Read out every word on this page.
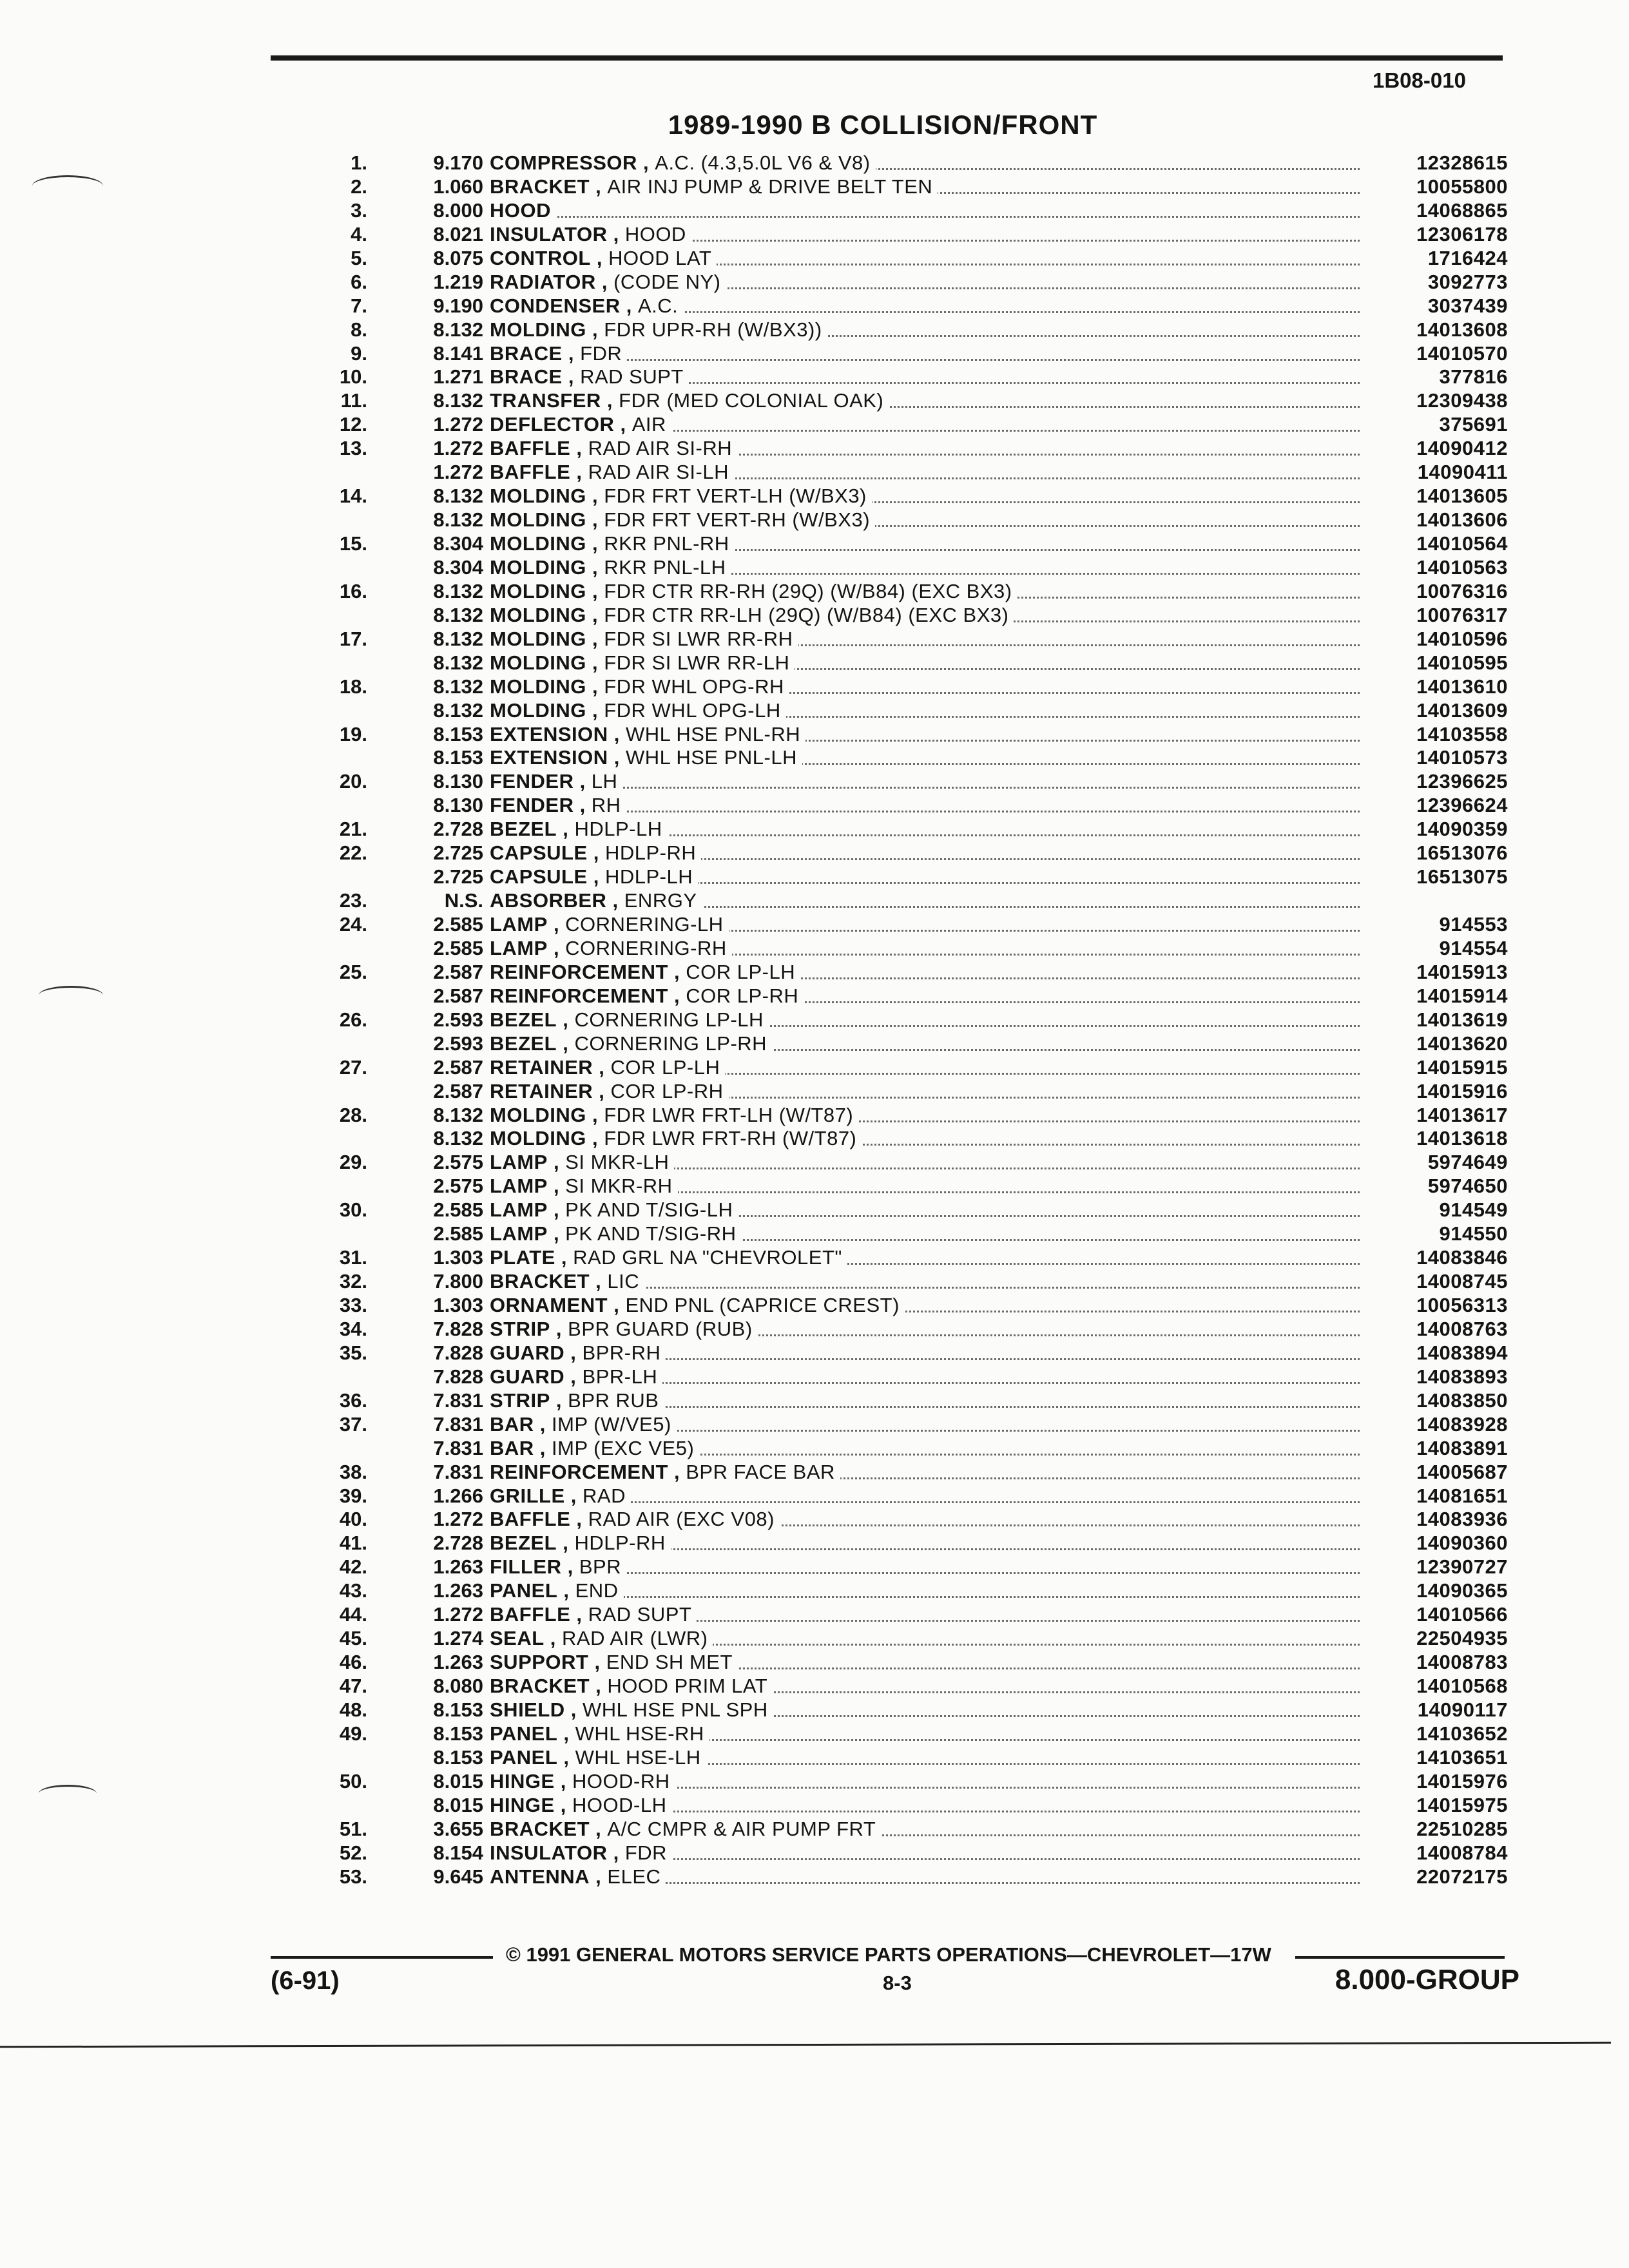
1B08-010
1989-1990 B COLLISION/FRONT
1.	9.170 COMPRESSOR , A.C. (4.3,5.0L V6 & V8)	12328615
2.	1.060 BRACKET , AIR INJ PUMP & DRIVE BELT TEN	10055800
3.	8.000 HOOD	14068865
4.	8.021 INSULATOR , HOOD	12306178
5.	8.075 CONTROL , HOOD LAT	1716424
6.	1.219 RADIATOR , (CODE NY)	3092773
7.	9.190 CONDENSER , A.C.	3037439
8.	8.132 MOLDING , FDR UPR-RH (W/BX3))	14013608
9.	8.141 BRACE , FDR	14010570
10.	1.271 BRACE , RAD SUPT	377816
11.	8.132 TRANSFER , FDR (MED COLONIAL OAK)	12309438
12.	1.272 DEFLECTOR , AIR	375691
13.	1.272 BAFFLE , RAD AIR SI-RH	14090412
1.272 BAFFLE , RAD AIR SI-LH	14090411
14.	8.132 MOLDING , FDR FRT VERT-LH (W/BX3)	14013605
8.132 MOLDING , FDR FRT VERT-RH (W/BX3)	14013606
15.	8.304 MOLDING , RKR PNL-RH	14010564
8.304 MOLDING , RKR PNL-LH	14010563
16.	8.132 MOLDING , FDR CTR RR-RH (29Q) (W/B84) (EXC BX3)	10076316
8.132 MOLDING , FDR CTR RR-LH (29Q) (W/B84) (EXC BX3)	10076317
17.	8.132 MOLDING , FDR SI LWR RR-RH	14010596
8.132 MOLDING , FDR SI LWR RR-LH	14010595
18.	8.132 MOLDING , FDR WHL OPG-RH	14013610
8.132 MOLDING , FDR WHL OPG-LH	14013609
19.	8.153 EXTENSION , WHL HSE PNL-RH	14103558
8.153 EXTENSION , WHL HSE PNL-LH	14010573
20.	8.130 FENDER , LH	12396625
8.130 FENDER , RH	12396624
21.	2.728 BEZEL , HDLP-LH	14090359
22.	2.725 CAPSULE , HDLP-RH	16513076
2.725 CAPSULE , HDLP-LH	16513075
23.	N.S. ABSORBER , ENRGY
24.	2.585 LAMP , CORNERING-LH	914553
2.585 LAMP , CORNERING-RH	914554
25.	2.587 REINFORCEMENT , COR LP-LH	14015913
2.587 REINFORCEMENT , COR LP-RH	14015914
26.	2.593 BEZEL , CORNERING LP-LH	14013619
2.593 BEZEL , CORNERING LP-RH	14013620
27.	2.587 RETAINER , COR LP-LH	14015915
2.587 RETAINER , COR LP-RH	14015916
28.	8.132 MOLDING , FDR LWR FRT-LH (W/T87)	14013617
8.132 MOLDING , FDR LWR FRT-RH (W/T87)	14013618
29.	2.575 LAMP , SI MKR-LH	5974649
2.575 LAMP , SI MKR-RH	5974650
30.	2.585 LAMP , PK AND T/SIG-LH	914549
2.585 LAMP , PK AND T/SIG-RH	914550
31.	1.303 PLATE , RAD GRL NA "CHEVROLET"	14083846
32.	7.800 BRACKET , LIC	14008745
33.	1.303 ORNAMENT , END PNL (CAPRICE CREST)	10056313
34.	7.828 STRIP , BPR GUARD (RUB)	14008763
35.	7.828 GUARD , BPR-RH	14083894
7.828 GUARD , BPR-LH	14083893
36.	7.831 STRIP , BPR RUB	14083850
37.	7.831 BAR , IMP (W/VE5)	14083928
7.831 BAR , IMP (EXC VE5)	14083891
38.	7.831 REINFORCEMENT , BPR FACE BAR	14005687
39.	1.266 GRILLE , RAD	14081651
40.	1.272 BAFFLE , RAD AIR (EXC V08)	14083936
41.	2.728 BEZEL , HDLP-RH	14090360
42.	1.263 FILLER , BPR	12390727
43.	1.263 PANEL , END	14090365
44.	1.272 BAFFLE , RAD SUPT	14010566
45.	1.274 SEAL , RAD AIR (LWR)	22504935
46.	1.263 SUPPORT , END SH MET	14008783
47.	8.080 BRACKET , HOOD PRIM LAT	14010568
48.	8.153 SHIELD , WHL HSE PNL SPH	14090117
49.	8.153 PANEL , WHL HSE-RH	14103652
8.153 PANEL , WHL HSE-LH	14103651
50.	8.015 HINGE , HOOD-RH	14015976
8.015 HINGE , HOOD-LH	14015975
51.	3.655 BRACKET , A/C CMPR & AIR PUMP FRT	22510285
52.	8.154 INSULATOR , FDR	14008784
53.	9.645 ANTENNA , ELEC	22072175
© 1991 GENERAL MOTORS SERVICE PARTS OPERATIONS—CHEVROLET—17W
(6-91)	8-3	8.000-GROUP
